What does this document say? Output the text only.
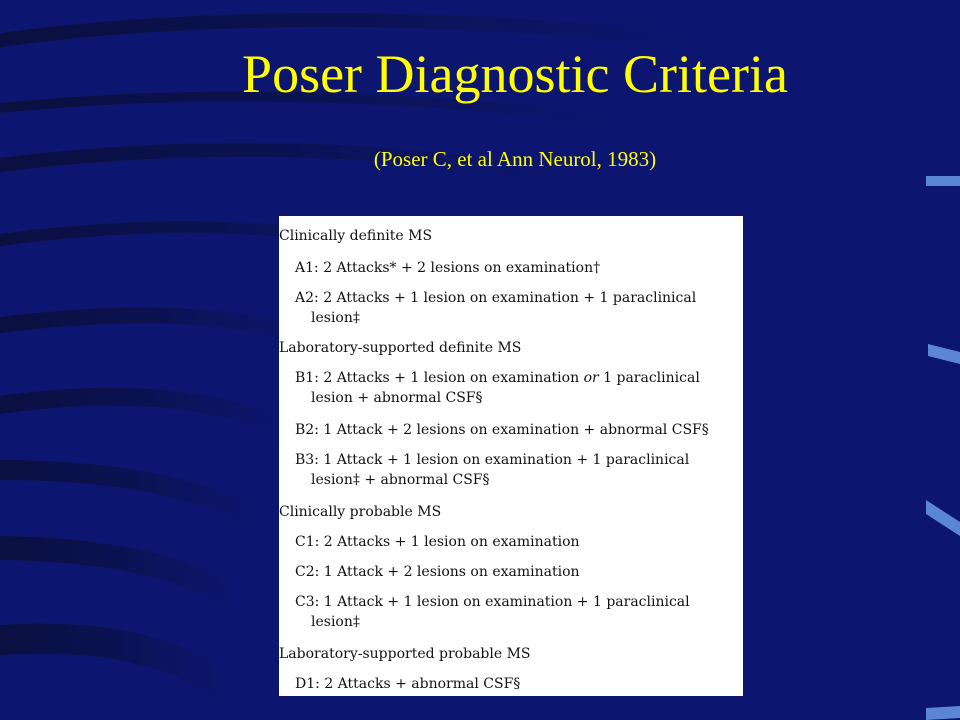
Poser Diagnostic Criteria
(Poser C, et al Ann Neurol, 1983)
Clinically definite MS
A1: 2 Attacks* + 2 lesions on examination†
A2: 2 Attacks + 1 lesion on examination + 1 paraclinical lesion‡
Laboratory-supported definite MS
B1: 2 Attacks + 1 lesion on examination or 1 paraclinical lesion + abnormal CSF§
B2: 1 Attack + 2 lesions on examination + abnormal CSF§
B3: 1 Attack + 1 lesion on examination + 1 paraclinical lesion‡ + abnormal CSF§
Clinically probable MS
C1: 2 Attacks + 1 lesion on examination
C2: 1 Attack + 2 lesions on examination
C3: 1 Attack + 1 lesion on examination + 1 paraclinical lesion‡
Laboratory-supported probable MS
D1: 2 Attacks + abnormal CSF§
